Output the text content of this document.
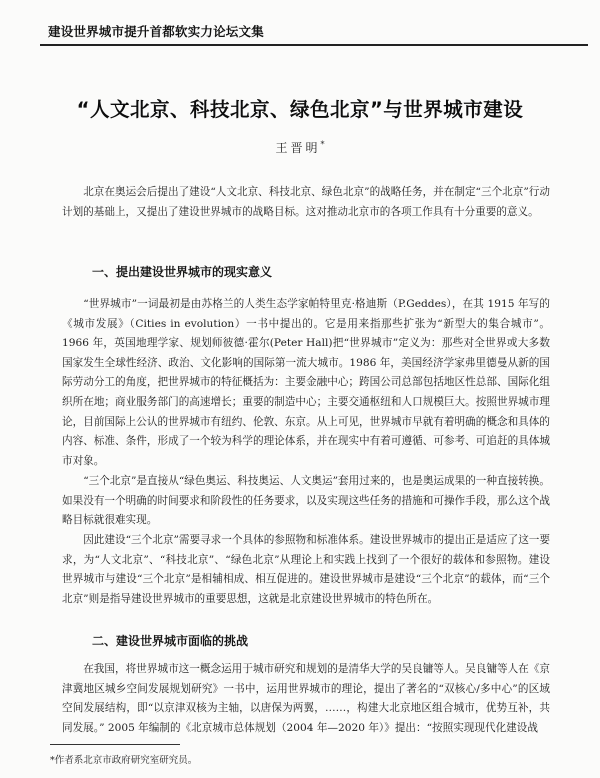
建设世界城市提升首都软实力论坛文集
“人文北京、科技北京、绿色北京”与世界城市建设
王晋明*

北京在奥运会后提出了建设“人文北京、科技北京、绿色北京”的战略任务，并在制定“三个北京”行动计划的基础上，又提出了建设世界城市的战略目标。这对推动北京市的各项工作具有十分重要的意义。

一、提出建设世界城市的现实意义

“世界城市”一词最初是由苏格兰的人类生态学家帕特里克·格迪斯（P.Geddes），在其 1915 年写的《城市发展》（Cities in evolution）一书中提出的。它是用来指那些扩张为“新型大的集合城市”。1966 年，英国地理学家、规划师彼德·霍尔(Peter Hall)把“世界城市”定义为：那些对全世界或大多数国家发生全球性经济、政治、文化影响的国际第一流大城市。1986 年，美国经济学家弗里德曼从新的国际劳动分工的角度，把世界城市的特征概括为：主要金融中心；跨国公司总部包括地区性总部、国际化组织所在地；商业服务部门的高速增长；重要的制造中心；主要交通枢纽和人口规模巨大。按照世界城市理论，目前国际上公认的世界城市有纽约、伦敦、东京。从上可见，世界城市早就有着明确的概念和具体的内容、标准、条件，形成了一个较为科学的理论体系，并在现实中有着可遵循、可参考、可追赶的具体城市对象。

“三个北京”是直接从“绿色奥运、科技奥运、人文奥运”套用过来的，也是奥运成果的一种直接转换。如果没有一个明确的时间要求和阶段性的任务要求，以及实现这些任务的措施和可操作手段，那么这个战略目标就很难实现。

因此建设“三个北京”需要寻求一个具体的参照物和标准体系。建设世界城市的提出正是适应了这一要求，为“人文北京”、“科技北京”、“绿色北京”从理论上和实践上找到了一个很好的载体和参照物。建设世界城市与建设“三个北京”是相辅相成、相互促进的。建设世界城市是建设“三个北京”的载体，而“三个北京”则是指导建设世界城市的重要思想，这就是北京建设世界城市的特色所在。

二、建设世界城市面临的挑战

在我国，将世界城市这一概念运用于城市研究和规划的是清华大学的吴良镛等人。吴良镛等人在《京津冀地区城乡空间发展规划研究》一书中，运用世界城市的理论，提出了著名的“双核心/多中心”的区域空间发展结构，即“以京津双核为主轴，以唐保为两翼，……，构建大北京地区组合城市，优势互补，共同发展。” 2005 年编制的《北京城市总体规划（2004 年—2020 年）》提出：“按照实现现代化建设战

*作者系北京市政府研究室研究员。
